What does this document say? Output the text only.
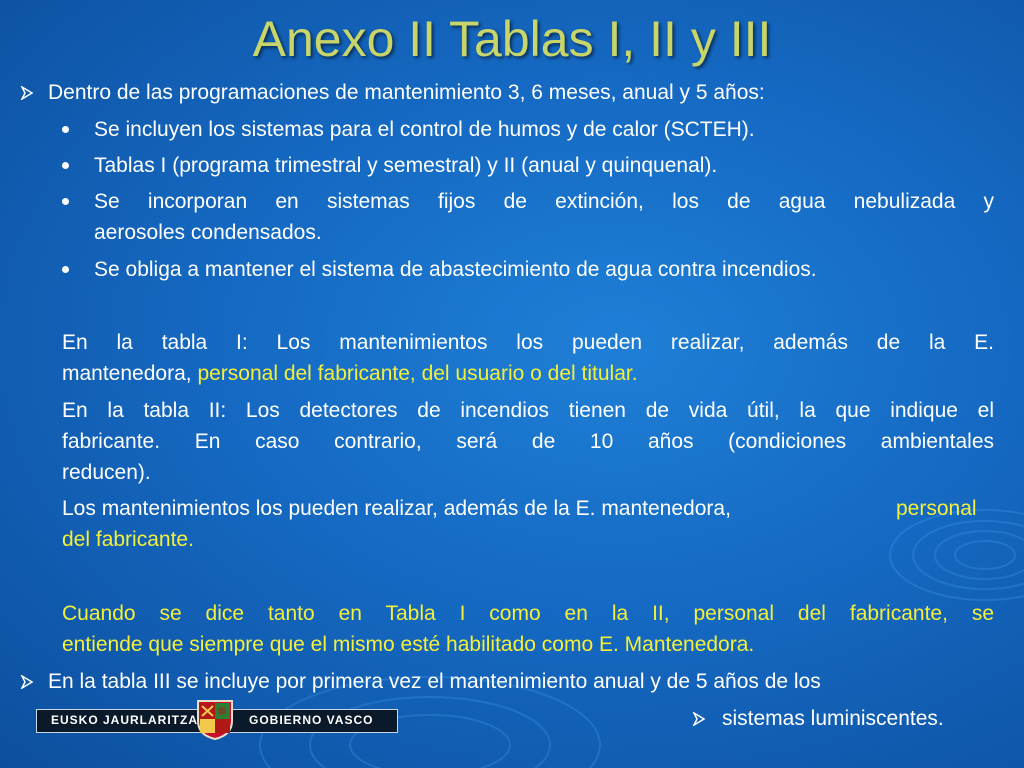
Anexo II Tablas I, II y III
Dentro de las programaciones de mantenimiento 3, 6 meses, anual y 5 años:
Se incluyen los sistemas para el control de humos y de calor (SCTEH).
Tablas I (programa trimestral y semestral) y II (anual y quinquenal).
Se incorporan en sistemas fijos de extinción, los de agua nebulizada y
aerosoles condensados.
Se obliga a mantener el sistema de abastecimiento de agua contra incendios.
En la tabla I: Los mantenimientos los pueden realizar, además de la E.
mantenedora, personal del fabricante, del usuario o del titular.
En la tabla II: Los detectores de incendios tienen de vida útil, la que indique el
fabricante. En caso contrario, será de 10 años (condiciones ambientales
reducen).
Los mantenimientos los pueden realizar, además de la E. mantenedora,	personal
del fabricante.
Cuando se dice tanto en Tabla I como en la II, personal del fabricante, se
entiende que siempre que el mismo esté habilitado como E. Mantenedora.
En la tabla III se incluye por primera vez el mantenimiento anual y de 5 años de los
sistemas luminiscentes.
EUSKO JAURLARITZA	GOBIERNO VASCO
